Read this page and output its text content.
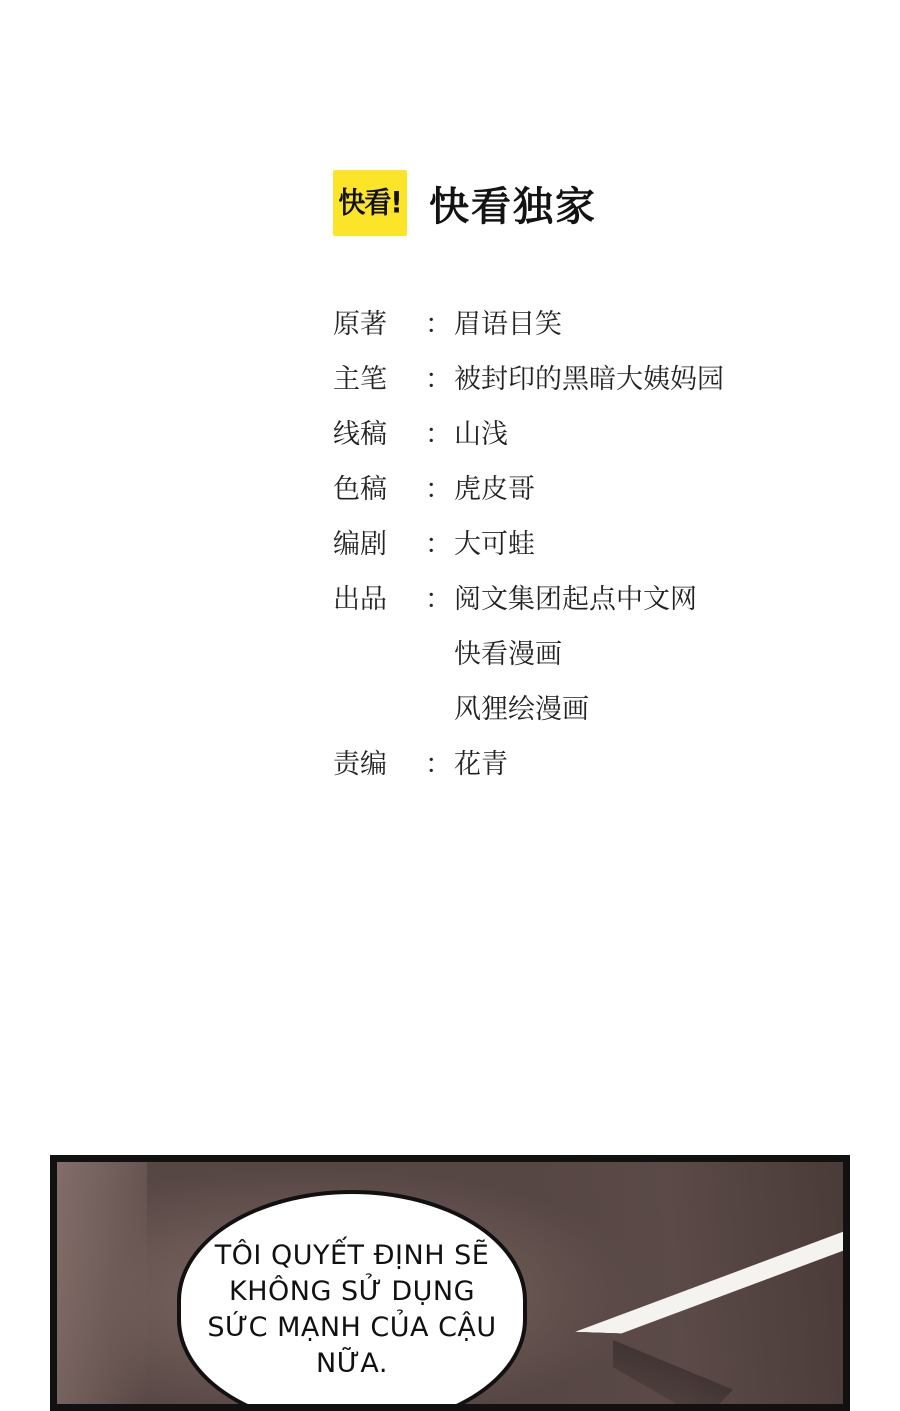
快看! 快看独家
原著	： 眉语目笑
主笔	： 被封印的黑暗大姨妈园
线稿	： 山浅
色稿	： 虎皮哥
编剧	： 大可蛙
出品	： 阅文集团起点中文网
快看漫画
风狸绘漫画
责编	： 花青
TÔI QUYẾT ĐỊNH SẼ KHÔNG SỬ DỤNG SỨC MẠNH CỦA CẬU NỮA.
